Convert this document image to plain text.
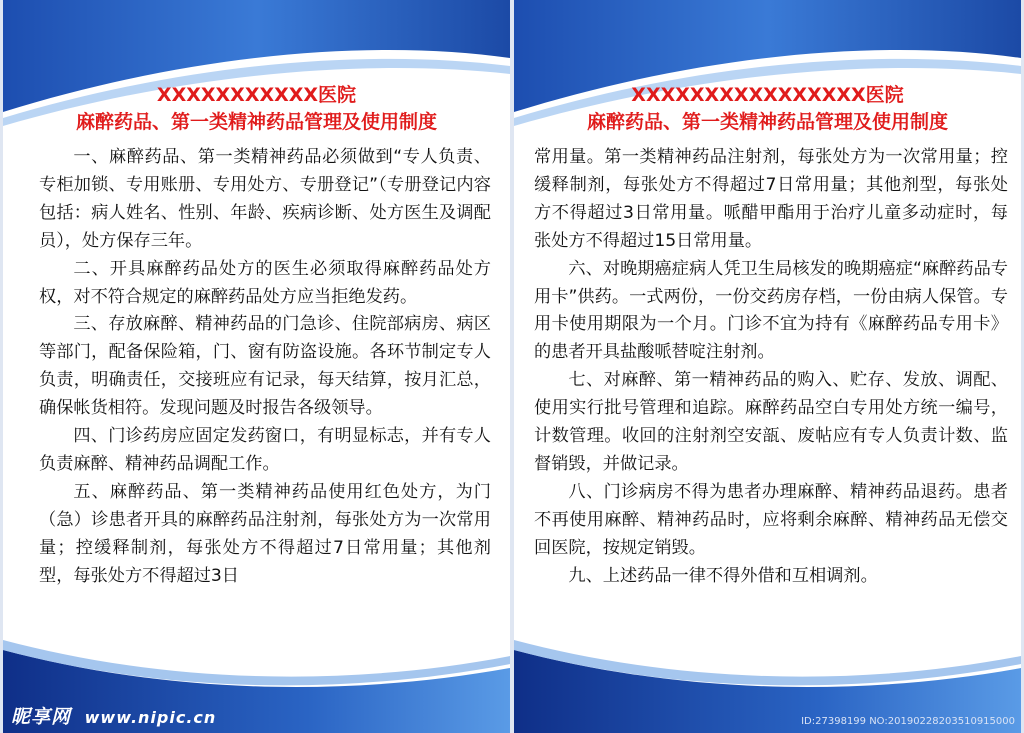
XXXXXXXXXXX医院
麻醉药品、第一类精神药品管理及使用制度

一、麻醉药品、第一类精神药品必须做到“专人负责、专柜加锁、专用账册、专用处方、专册登记”（专册登记内容包括：病人姓名、性别、年龄、疾病诊断、处方医生及调配员），处方保存三年。

二、开具麻醉药品处方的医生必须取得麻醉药品处方权，对不符合规定的麻醉药品处方应当拒绝发药。

三、存放麻醉、精神药品的门急诊、住院部病房、病区等部门，配备保险箱，门、窗有防盗设施。各环节制定专人负责，明确责任，交接班应有记录，每天结算，按月汇总，确保帐货相符。发现问题及时报告各级领导。

四、门诊药房应固定发药窗口，有明显标志，并有专人负责麻醉、精神药品调配工作。

五、麻醉药品、第一类精神药品使用红色处方，为门（急）诊患者开具的麻醉药品注射剂，每张处方为一次常用量；控缓释制剂，每张处方不得超过7日常用量；其他剂型，每张处方不得超过3日

昵享网 www.nipic.cn
XXXXXXXXXXXXXXXX医院
麻醉药品、第一类精神药品管理及使用制度

常用量。第一类精神药品注射剂，每张处方为一次常用量；控缓释制剂，每张处方不得超过7日常用量；其他剂型，每张处方不得超过3日常用量。哌醋甲酯用于治疗儿童多动症时，每张处方不得超过15日常用量。

六、对晚期癌症病人凭卫生局核发的晚期癌症“麻醉药品专用卡”供药。一式两份，一份交药房存档，一份由病人保管。专用卡使用期限为一个月。门诊不宜为持有《麻醉药品专用卡》的患者开具盐酸哌替啶注射剂。

七、对麻醉、第一精神药品的购入、贮存、发放、调配、使用实行批号管理和追踪。麻醉药品空白专用处方统一编号，计数管理。收回的注射剂空安瓿、废帖应有专人负责计数、监督销毁，并做记录。

八、门诊病房不得为患者办理麻醉、精神药品退药。患者不再使用麻醉、精神药品时，应将剩余麻醉、精神药品无偿交回医院，按规定销毁。

九、上述药品一律不得外借和互相调剂。

ID:27398199 NO:20190228203510915000
